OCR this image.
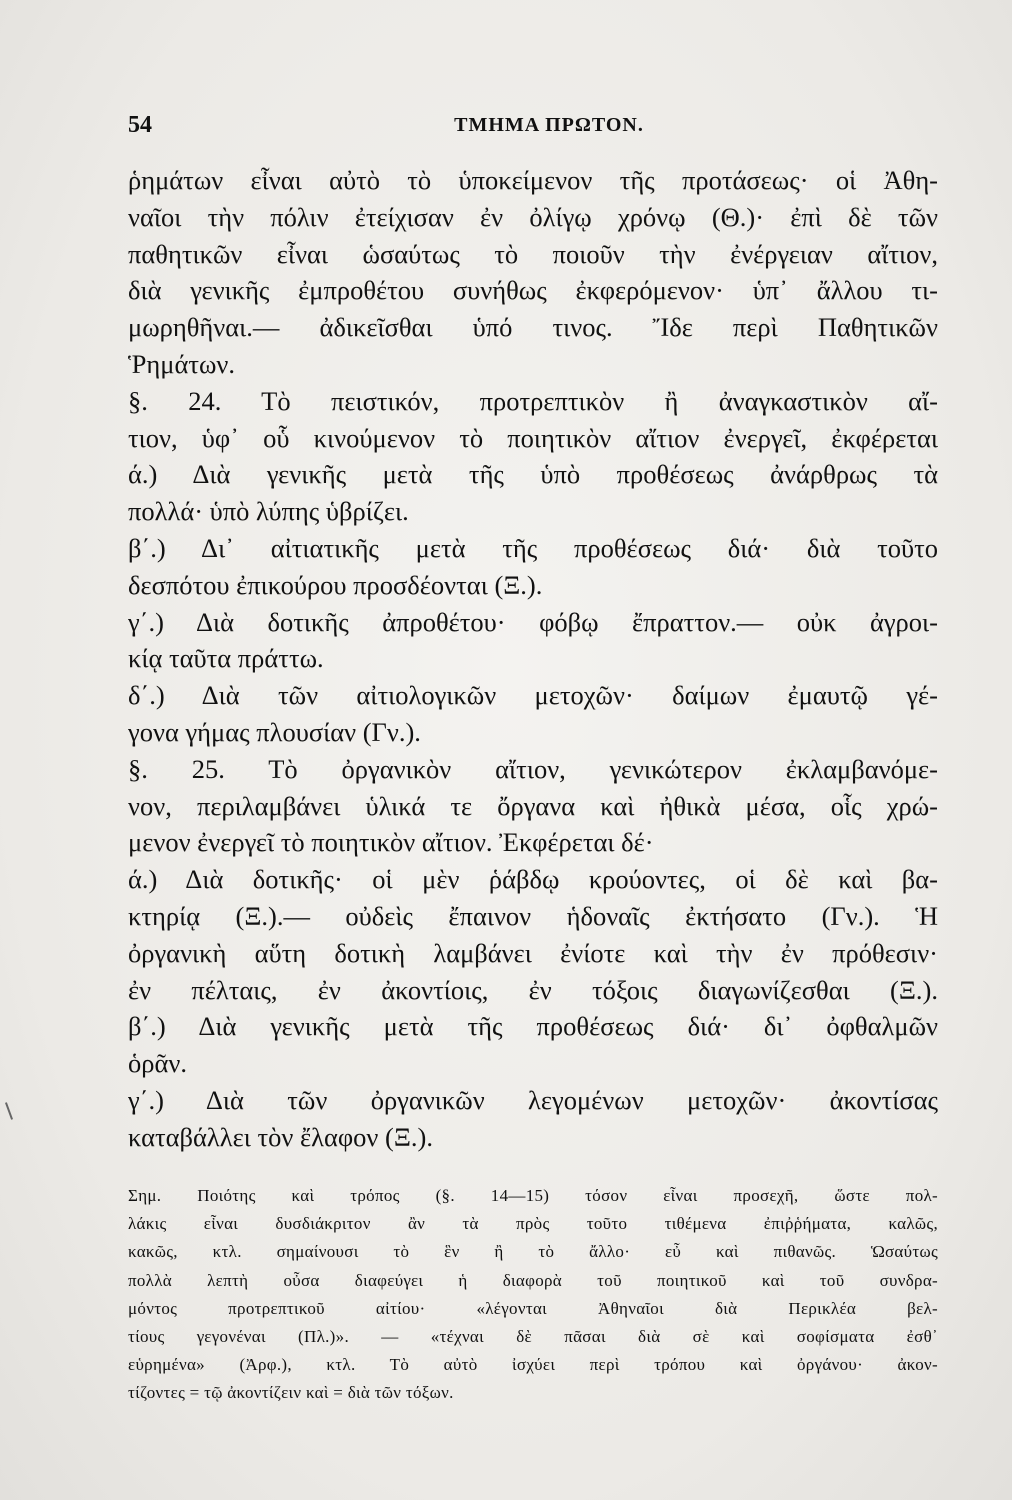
54	ΤΜΗΜΑ ΠΡΩΤΟΝ.
ῥημάτων εἶναι αὐτὸ τὸ ὑποκείμενον τῆς προτάσεως· οἱ Ἀθη-
ναῖοι τὴν πόλιν ἐτείχισαν ἐν ὀλίγῳ χρόνῳ (Θ.)· ἐπὶ δὲ τῶν
παθητικῶν εἶναι ὡσαύτως τὸ ποιοῦν τὴν ἐνέργειαν αἴτιον,
διὰ γενικῆς ἐμπροθέτου συνήθως ἐκφερόμενον· ὑπ᾽ ἄλλου τι-
μωρηθῆναι.— ἀδικεῖσθαι ὑπό τινος. Ἴδε περὶ Παθητικῶν
Ῥημάτων.
§. 24. Τὸ πειστικόν, προτρεπτικὸν ἢ ἀναγκαστικὸν αἴ-
τιον, ὑφ᾽ οὗ κινούμενον τὸ ποιητικὸν αἴτιον ἐνεργεῖ, ἐκφέρεται
ά.) Διὰ γενικῆς μετὰ τῆς ὑπὸ προθέσεως ἀνάρθρως τὰ
πολλά· ὑπὸ λύπης ὑβρίζει.
β΄.) Δι᾽ αἰτιατικῆς μετὰ τῆς προθέσεως διά· διὰ τοῦτο
δεσπότου ἐπικούρου προσδέονται (Ξ.).
γ΄.) Διὰ δοτικῆς ἀπροθέτου· φόβῳ ἔπραττον.— οὐκ ἀγροι-
κίᾳ ταῦτα πράττω.
δ΄.) Διὰ τῶν αἰτιολογικῶν μετοχῶν· δαίμων ἐμαυτῷ γέ-
γονα γήμας πλουσίαν (Γν.).
§. 25. Τὸ ὀργανικὸν αἴτιον, γενικώτερον ἐκλαμβανόμε-
νον, περιλαμβάνει ὑλικά τε ὄργανα καὶ ἠθικὰ μέσα, οἷς χρώ-
μενον ἐνεργεῖ τὸ ποιητικὸν αἴτιον. Ἐκφέρεται δέ·
ά.) Διὰ δοτικῆς· οἱ μὲν ῥάβδῳ κρούοντες, οἱ δὲ καὶ βα-
κτηρίᾳ (Ξ.).— οὐδεὶς ἔπαινον ἡδοναῖς ἐκτήσατο (Γν.). Ἡ
ὀργανικὴ αὕτη δοτικὴ λαμβάνει ἐνίοτε καὶ τὴν ἐν πρόθεσιν·
ἐν πέλταις, ἐν ἀκοντίοις, ἐν τόξοις διαγωνίζεσθαι (Ξ.).
β΄.) Διὰ γενικῆς μετὰ τῆς προθέσεως διά· δι᾽ ὀφθαλμῶν
ὁρᾶν.
γ΄.) Διὰ τῶν ὀργανικῶν λεγομένων μετοχῶν· ἀκοντίσας
καταβάλλει τὸν ἔλαφον (Ξ.).
Σημ. Ποιότης καὶ τρόπος (§. 14—15) τόσον εἶναι προσεχῆ, ὥστε πολ-
λάκις εἶναι δυσδιάκριτον ἂν τὰ πρὸς τοῦτο τιθέμενα ἐπιῤῥήματα, καλῶς,
κακῶς, κτλ. σημαίνουσι τὸ ἓν ἢ τὸ ἄλλο· εὖ καὶ πιθανῶς. Ὡσαύτως
πολλὰ λεπτὴ οὖσα διαφεύγει ἡ διαφορὰ τοῦ ποιητικοῦ καὶ τοῦ συνδρα-
μόντος προτρεπτικοῦ αἰτίου· «λέγονται Ἀθηναῖοι διὰ Περικλέα βελ-
τίους γεγονέναι (Πλ.)». — «τέχναι δὲ πᾶσαι διὰ σὲ καὶ σοφίσματα ἐσθ᾽
εὑρημένα» (Ἀρφ.), κτλ. Τὸ αὐτὸ ἰσχύει περὶ τρόπου καὶ ὀργάνου· ἀκον-
τίζοντες = τῷ ἀκοντίζειν καὶ = διὰ τῶν τόξων.
